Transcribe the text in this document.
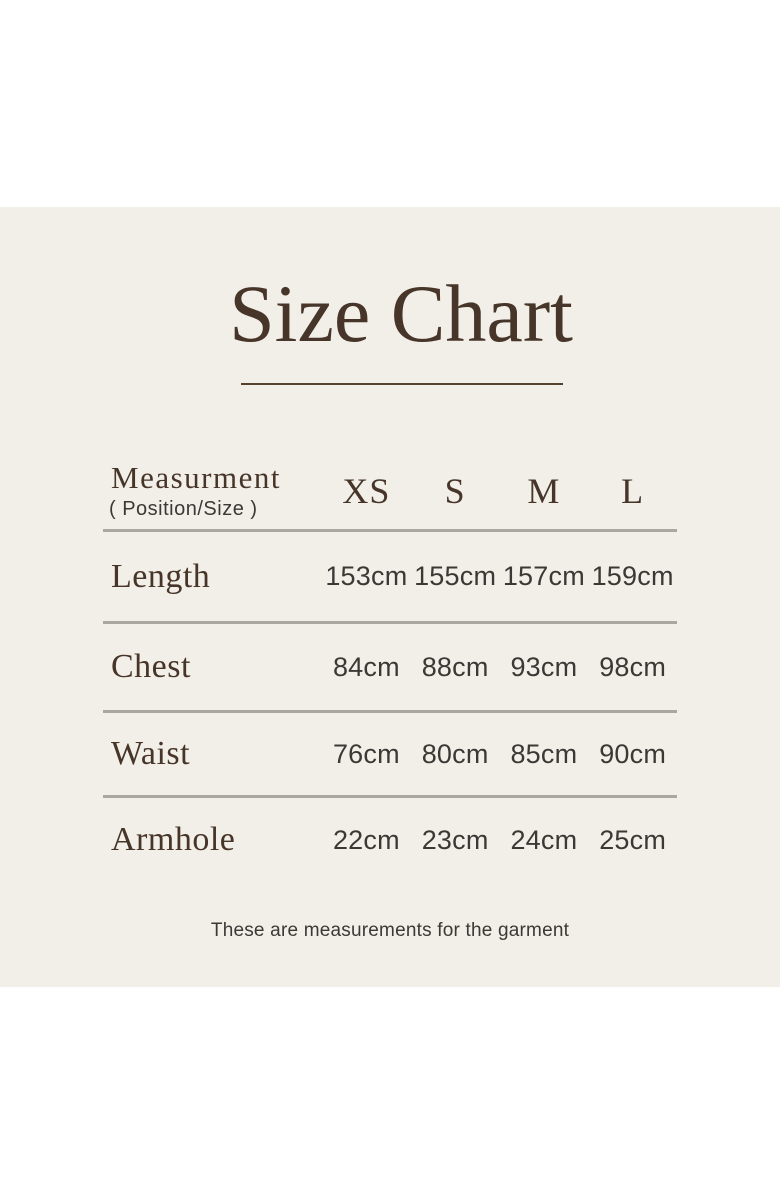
Size Chart
Measurment
( Position/Size )	XS	S	M	L
Length	153cm 155cm 157cm 159cm
Chest	84cm 88cm 93cm 98cm
Waist	76cm 80cm 85cm 90cm
Armhole	22cm 23cm 24cm 25cm

These are measurements for the garment
